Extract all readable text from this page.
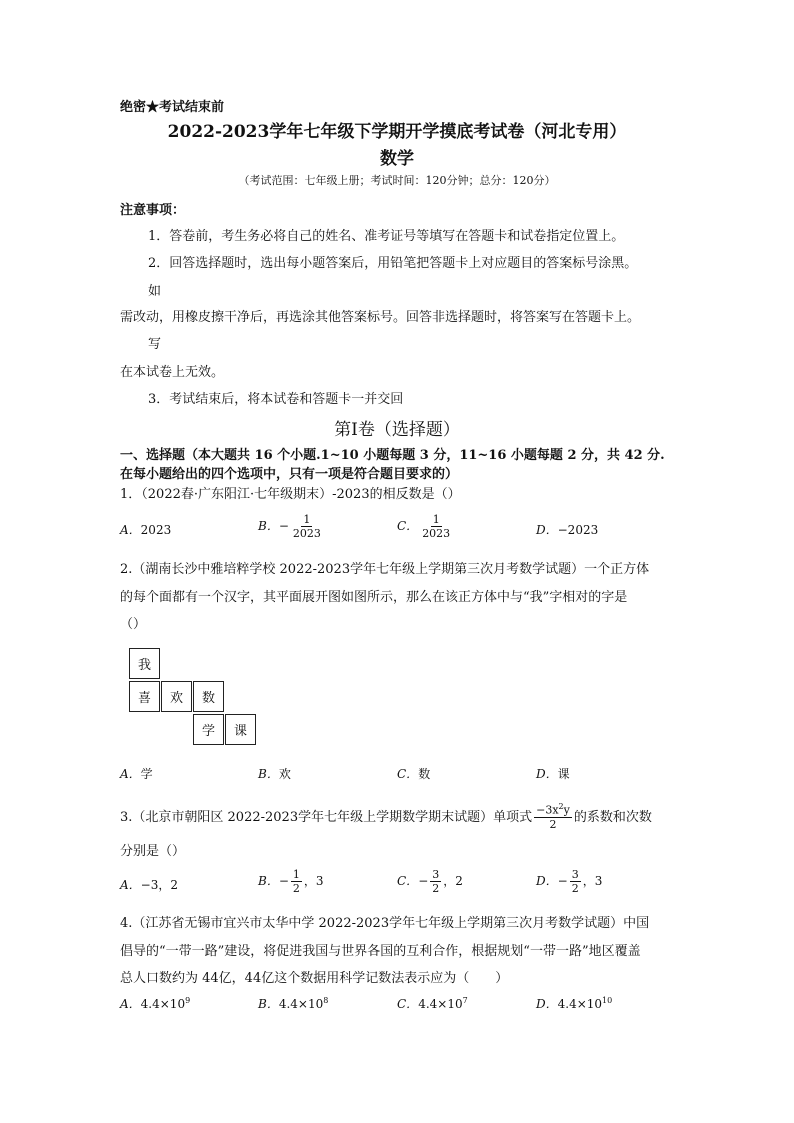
绝密★考试结束前
2022-2023学年七年级下学期开学摸底考试卷（河北专用）
数学
（考试范围：七年级上册；考试时间：120分钟；总分：120分）
注意事项：
1．答卷前，考生务必将自己的姓名、准考证号等填写在答题卡和试卷指定位置上。
2．回答选择题时，选出每小题答案后，用铅笔把答题卡上对应题目的答案标号涂黑。
如
需改动，用橡皮擦干净后，再选涂其他答案标号。回答非选择题时，将答案写在答题卡上。
写
在本试卷上无效。
3．考试结束后，将本试卷和答题卡一并交回
第Ⅰ卷（选择题）
一、选择题（本大题共 16 个小题.1~10 小题每题 3 分，11~16 小题每题 2 分，共 42 分.
在每小题给出的四个选项中，只有一项是符合题目要求的）
1．（2022春·广东阳江·七年级期末）-2023的相反数是（）
A．2023	B．− $\frac{1}{2023}$	C． $\frac{1}{2023}$	D．−2023
2.（湖南长沙中雅培粹学校 2022-2023学年七年级上学期第三次月考数学试题）一个正方体
的每个面都有一个汉字，其平面展开图如图所示，那么在该正方体中与“我”字相对的字是
（）
我
喜	欢	数
学	课
A．学	B．欢	C．数	D．课
3.（北京市朝阳区 2022-2023学年七年级上学期数学期末试题）单项式 $\frac{-3x^2y}{2}$ 的系数和次数
分别是（）
A．−3，2	B．− $\frac{1}{2}$ ，3	C．− $\frac{3}{2}$ ，2	D．− $\frac{3}{2}$ ，3
4.（江苏省无锡市宜兴市太华中学 2022-2023学年七年级上学期第三次月考数学试题）中国
倡导的“一带一路”建设，将促进我国与世界各国的互利合作，根据规划“一带一路”地区覆盖
总人口数约为 44亿，44亿这个数据用科学记数法表示应为（　　）
A．$4.4\times 10^9$	B．$4.4\times 10^8$	C．$4.4\times 10^7$	D．$4.4\times 10^{10}$
